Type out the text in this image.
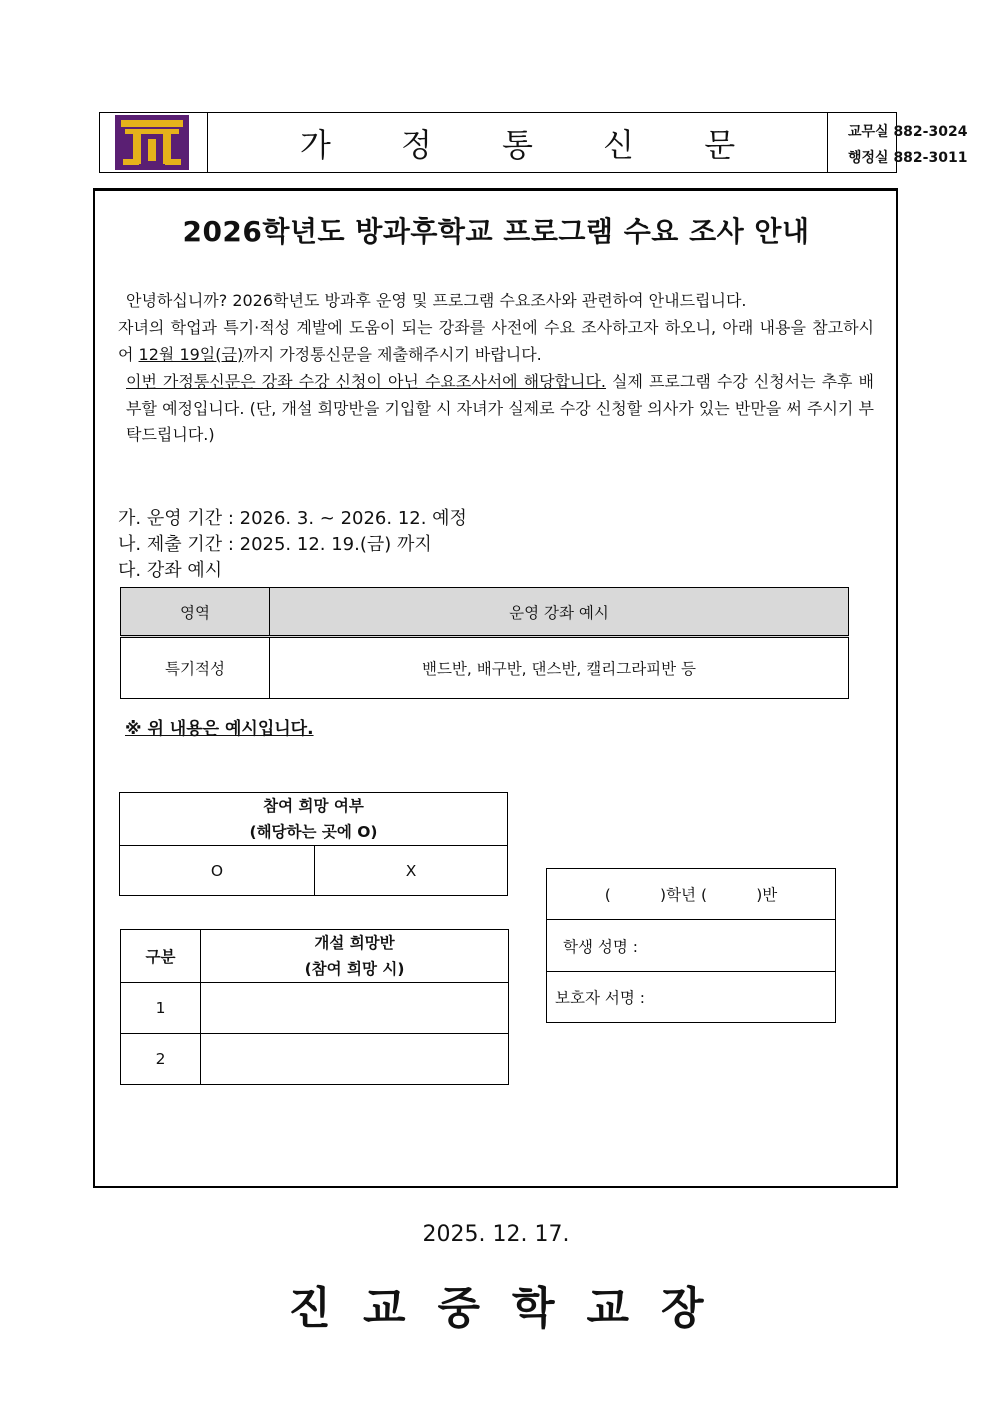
가 정 통 신 문	교무실 882-3024
행정실 882-3011
2026학년도 방과후학교 프로그램 수요 조사 안내
안녕하십니까? 2026학년도 방과후 운영 및 프로그램 수요조사와 관련하여 안내드립니다.
자녀의 학업과 특기·적성 계발에 도움이 되는 강좌를 사전에 수요 조사하고자 하오니, 아래 내용을 참고하시어 12월 19일(금)까지 가정통신문을 제출해주시기 바랍니다.
이번 가정통신문은 강좌 수강 신청이 아닌 수요조사서에 해당합니다. 실제 프로그램 수강 신청서는 추후 배부할 예정입니다. (단, 개설 희망반을 기입할 시 자녀가 실제로 수강 신청할 의사가 있는 반만을 써 주시기 부탁드립니다.)
가. 운영 기간 : 2026. 3. ~ 2026. 12. 예정
나. 제출 기간 : 2025. 12. 19.(금) 까지
다. 강좌 예시
영역	운영 강좌 예시
특기적성	밴드반, 배구반, 댄스반, 캘리그라피반 등
※ 위 내용은 예시입니다.
참여 희망 여부
(해당하는 곳에 O)

O	X
구분	개설 희망반
(참여 희망 시)

1	
2	
(          )학년 (          )반
학생 성명 :
보호자 서명 :
2025. 12. 17.
진교중학교장
